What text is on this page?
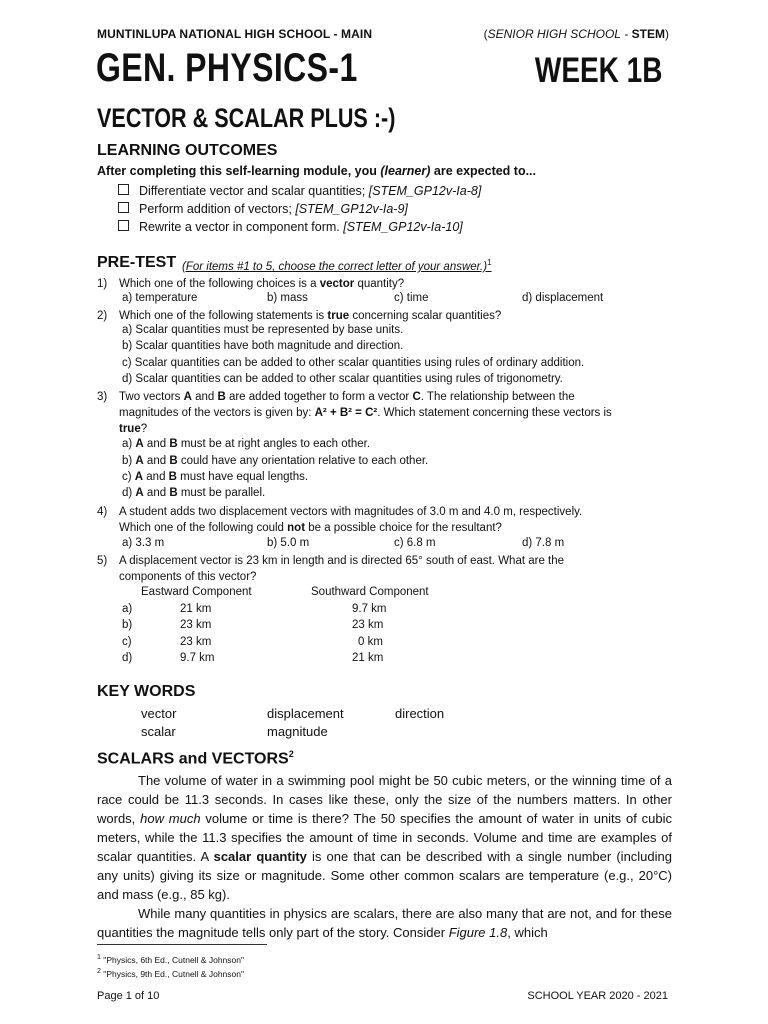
MUNTINLUPA NATIONAL HIGH SCHOOL - MAIN	(SENIOR HIGH SCHOOL - STEM)
GEN. PHYSICS-1	WEEK 1B
VECTOR & SCALAR PLUS :-)
LEARNING OUTCOMES
After completing this self-learning module, you (learner) are expected to...
Differentiate vector and scalar quantities; [STEM_GP12v-Ia-8]
Perform addition of vectors; [STEM_GP12v-Ia-9]
Rewrite a vector in component form. [STEM_GP12v-Ia-10]
PRE-TEST (For items #1 to 5, choose the correct letter of your answer.)$^1$
1) Which one of the following choices is a vector quantity?
a) temperature	b) mass	c) time	d) displacement
2) Which one of the following statements is true concerning scalar quantities?
a) Scalar quantities must be represented by base units.
b) Scalar quantities have both magnitude and direction.
c) Scalar quantities can be added to other scalar quantities using rules of ordinary addition.
d) Scalar quantities can be added to other scalar quantities using rules of trigonometry.
3) Two vectors A and B are added together to form a vector C. The relationship between the
magnitudes of the vectors is given by: A² + B² = C². Which statement concerning these vectors is
true?
a) A and B must be at right angles to each other.
b) A and B could have any orientation relative to each other.
c) A and B must have equal lengths.
d) A and B must be parallel.
4) A student adds two displacement vectors with magnitudes of 3.0 m and 4.0 m, respectively.
Which one of the following could not be a possible choice for the resultant?
a) 3.3 m	b) 5.0 m	c) 6.8 m	d) 7.8 m
5) A displacement vector is 23 km in length and is directed 65° south of east. What are the
components of this vector?
Eastward Component	Southward Component
a)	21 km	9.7 km
b)	23 km	23 km
c)	23 km	0 km
d)	9.7 km	21 km
KEY WORDS
vector	displacement	direction
scalar	magnitude
SCALARS and VECTORS$^2$

The volume of water in a swimming pool might be 50 cubic meters, or the winning time of a race could be 11.3 seconds. In cases like these, only the size of the numbers matters. In other words, how much volume or time is there? The 50 specifies the amount of water in units of cubic meters, while the 11.3 specifies the amount of time in seconds. Volume and time are examples of scalar quantities. A scalar quantity is one that can be described with a single number (including any units) giving its size or magnitude. Some other common scalars are temperature (e.g., 20°C) and mass (e.g., 85 kg).

While many quantities in physics are scalars, there are also many that are not, and for these quantities the magnitude tells only part of the story. Consider Figure 1.8, which

$^1$ "Physics, 6th Ed., Cutnell & Johnson"
$^2$ "Physics, 9th Ed., Cutnell & Johnson"
Page 1 of 10	SCHOOL YEAR 2020 - 2021
